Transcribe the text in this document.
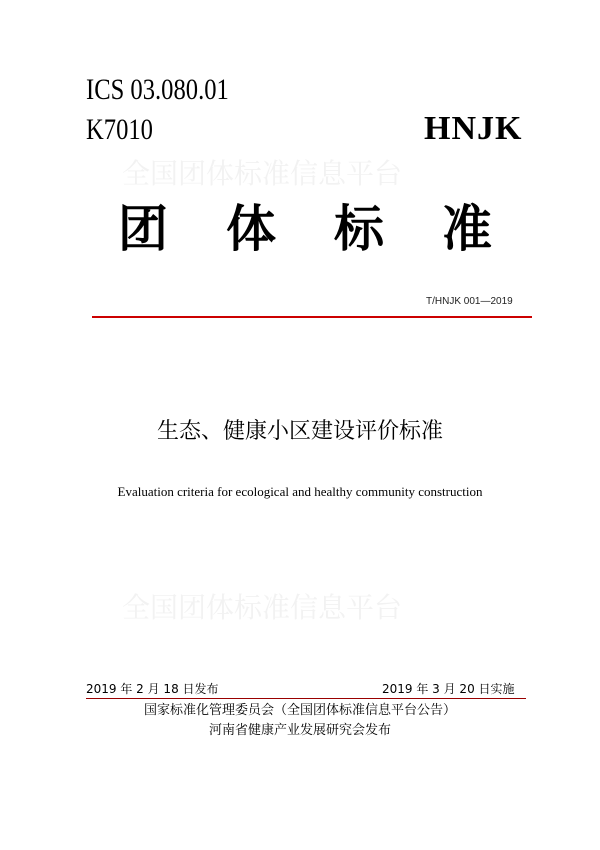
全国团体标准信息平台
全国团体标准信息平台
ICS 03.080.01
K7010	HNJK
团体标准
T/HNJK 001—2019
生态、健康小区建设评价标准
Evaluation criteria for ecological and healthy community construction
2019 年 2 月 18 日发布	2019 年 3 月 20 日实施
国家标准化管理委员会（全国团体标准信息平台公告）
河南省健康产业发展研究会发布
